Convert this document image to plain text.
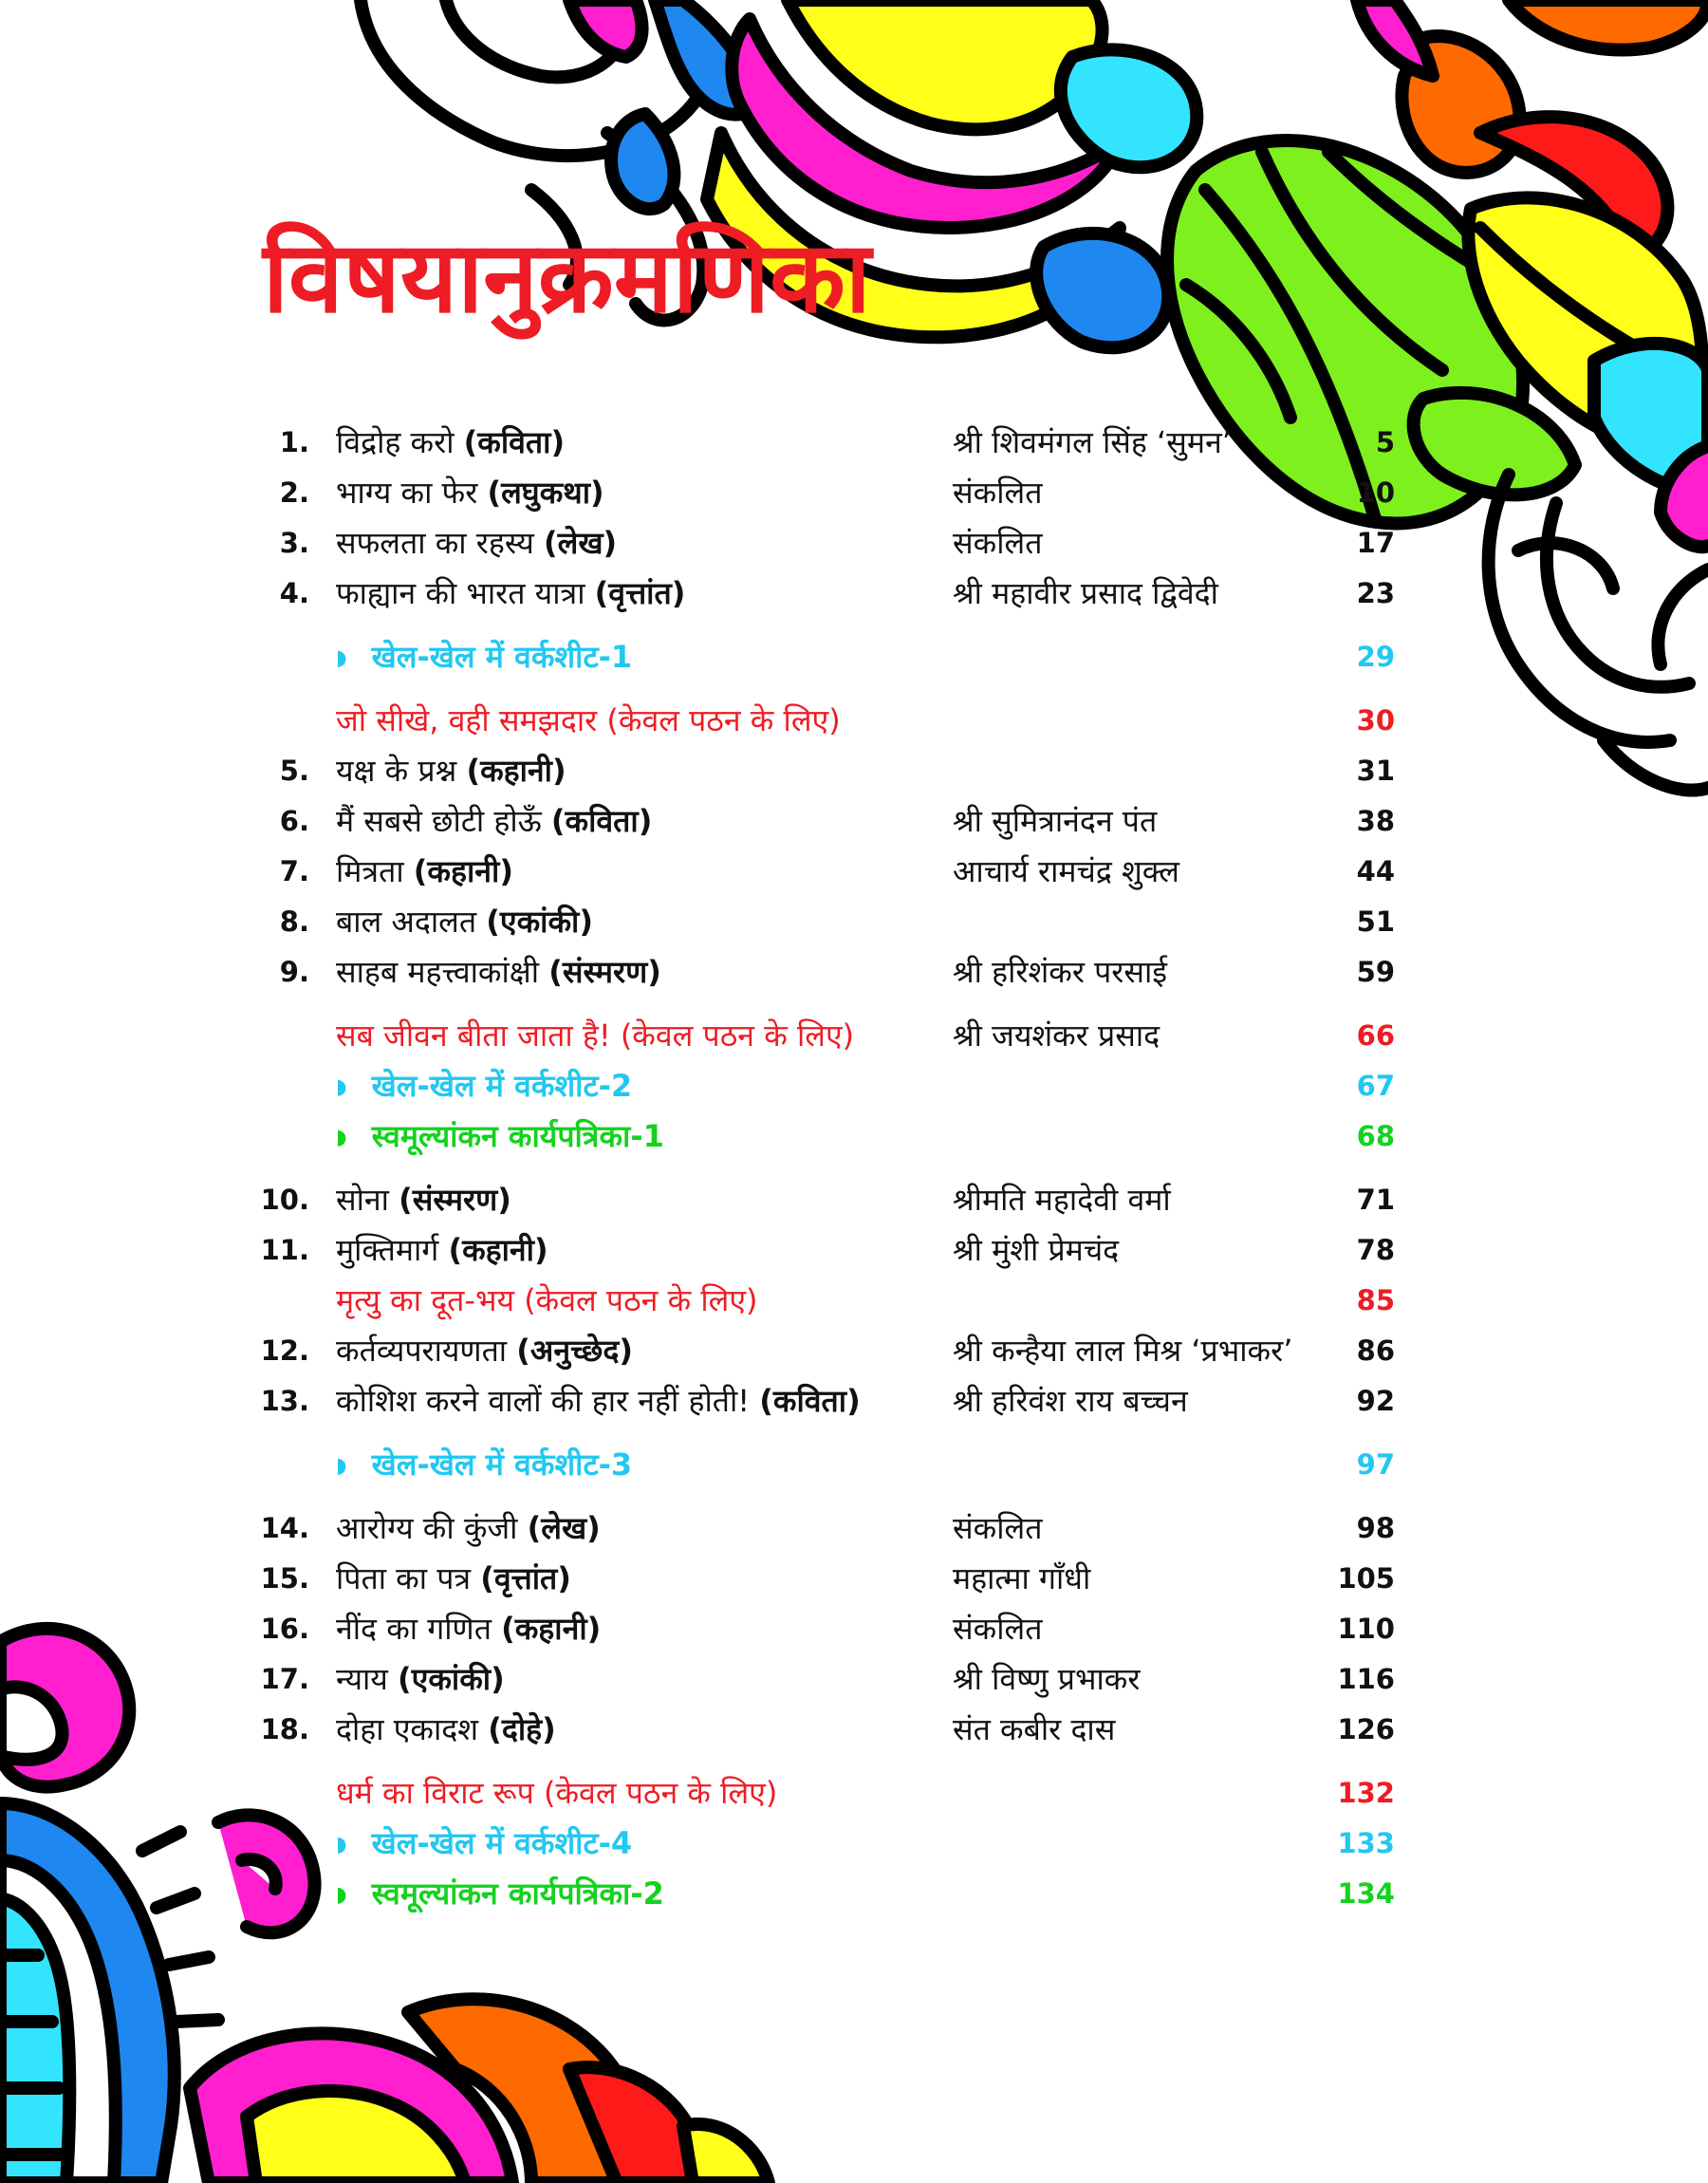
विषयानुक्रमणिका
1. विद्रोह करो (कविता)	श्री शिवमंगल सिंह ‘सुमन’	5
2. भाग्य का फेर (लघुकथा)	संकलित	10
3. सफलता का रहस्य (लेख)	संकलित	17
4. फाह्यान की भारत यात्रा (वृत्तांत)	श्री महावीर प्रसाद द्विवेदी	23
◗ खेल-खेल में वर्कशीट-1	29
जो सीखे, वही समझदार (केवल पठन के लिए)	30
5. यक्ष के प्रश्न (कहानी)	31
6. मैं सबसे छोटी होऊँ (कविता)	श्री सुमित्रानंदन पंत	38
7. मित्रता (कहानी)	आचार्य रामचंद्र शुक्ल	44
8. बाल अदालत (एकांकी)	51
9. साहब महत्त्वाकांक्षी (संस्मरण)	श्री हरिशंकर परसाई	59
सब जीवन बीता जाता है! (केवल पठन के लिए)	श्री जयशंकर प्रसाद	66
◗ खेल-खेल में वर्कशीट-2	67
◗ स्वमूल्यांकन कार्यपत्रिका-1	68
10. सोना (संस्मरण)	श्रीमति महादेवी वर्मा	71
11. मुक्तिमार्ग (कहानी)	श्री मुंशी प्रेमचंद	78
मृत्यु का दूत-भय (केवल पठन के लिए)	85
12. कर्तव्यपरायणता (अनुच्छेद)	श्री कन्हैया लाल मिश्र ‘प्रभाकर’ 86
13. कोशिश करने वालों की हार नहीं होती! (कविता)	श्री हरिवंश राय बच्चन	92
◗ खेल-खेल में वर्कशीट-3	97
14. आरोग्य की कुंजी (लेख)	संकलित	98
15. पिता का पत्र (वृत्तांत)	महात्मा गाँधी	105
16. नींद का गणित (कहानी)	संकलित	110
17. न्याय (एकांकी)	श्री विष्णु प्रभाकर	116
18. दोहा एकादश (दोहे)	संत कबीर दास	126
धर्म का विराट रूप (केवल पठन के लिए)	132
◗ खेल-खेल में वर्कशीट-4	133
◗ स्वमूल्यांकन कार्यपत्रिका-2	134
